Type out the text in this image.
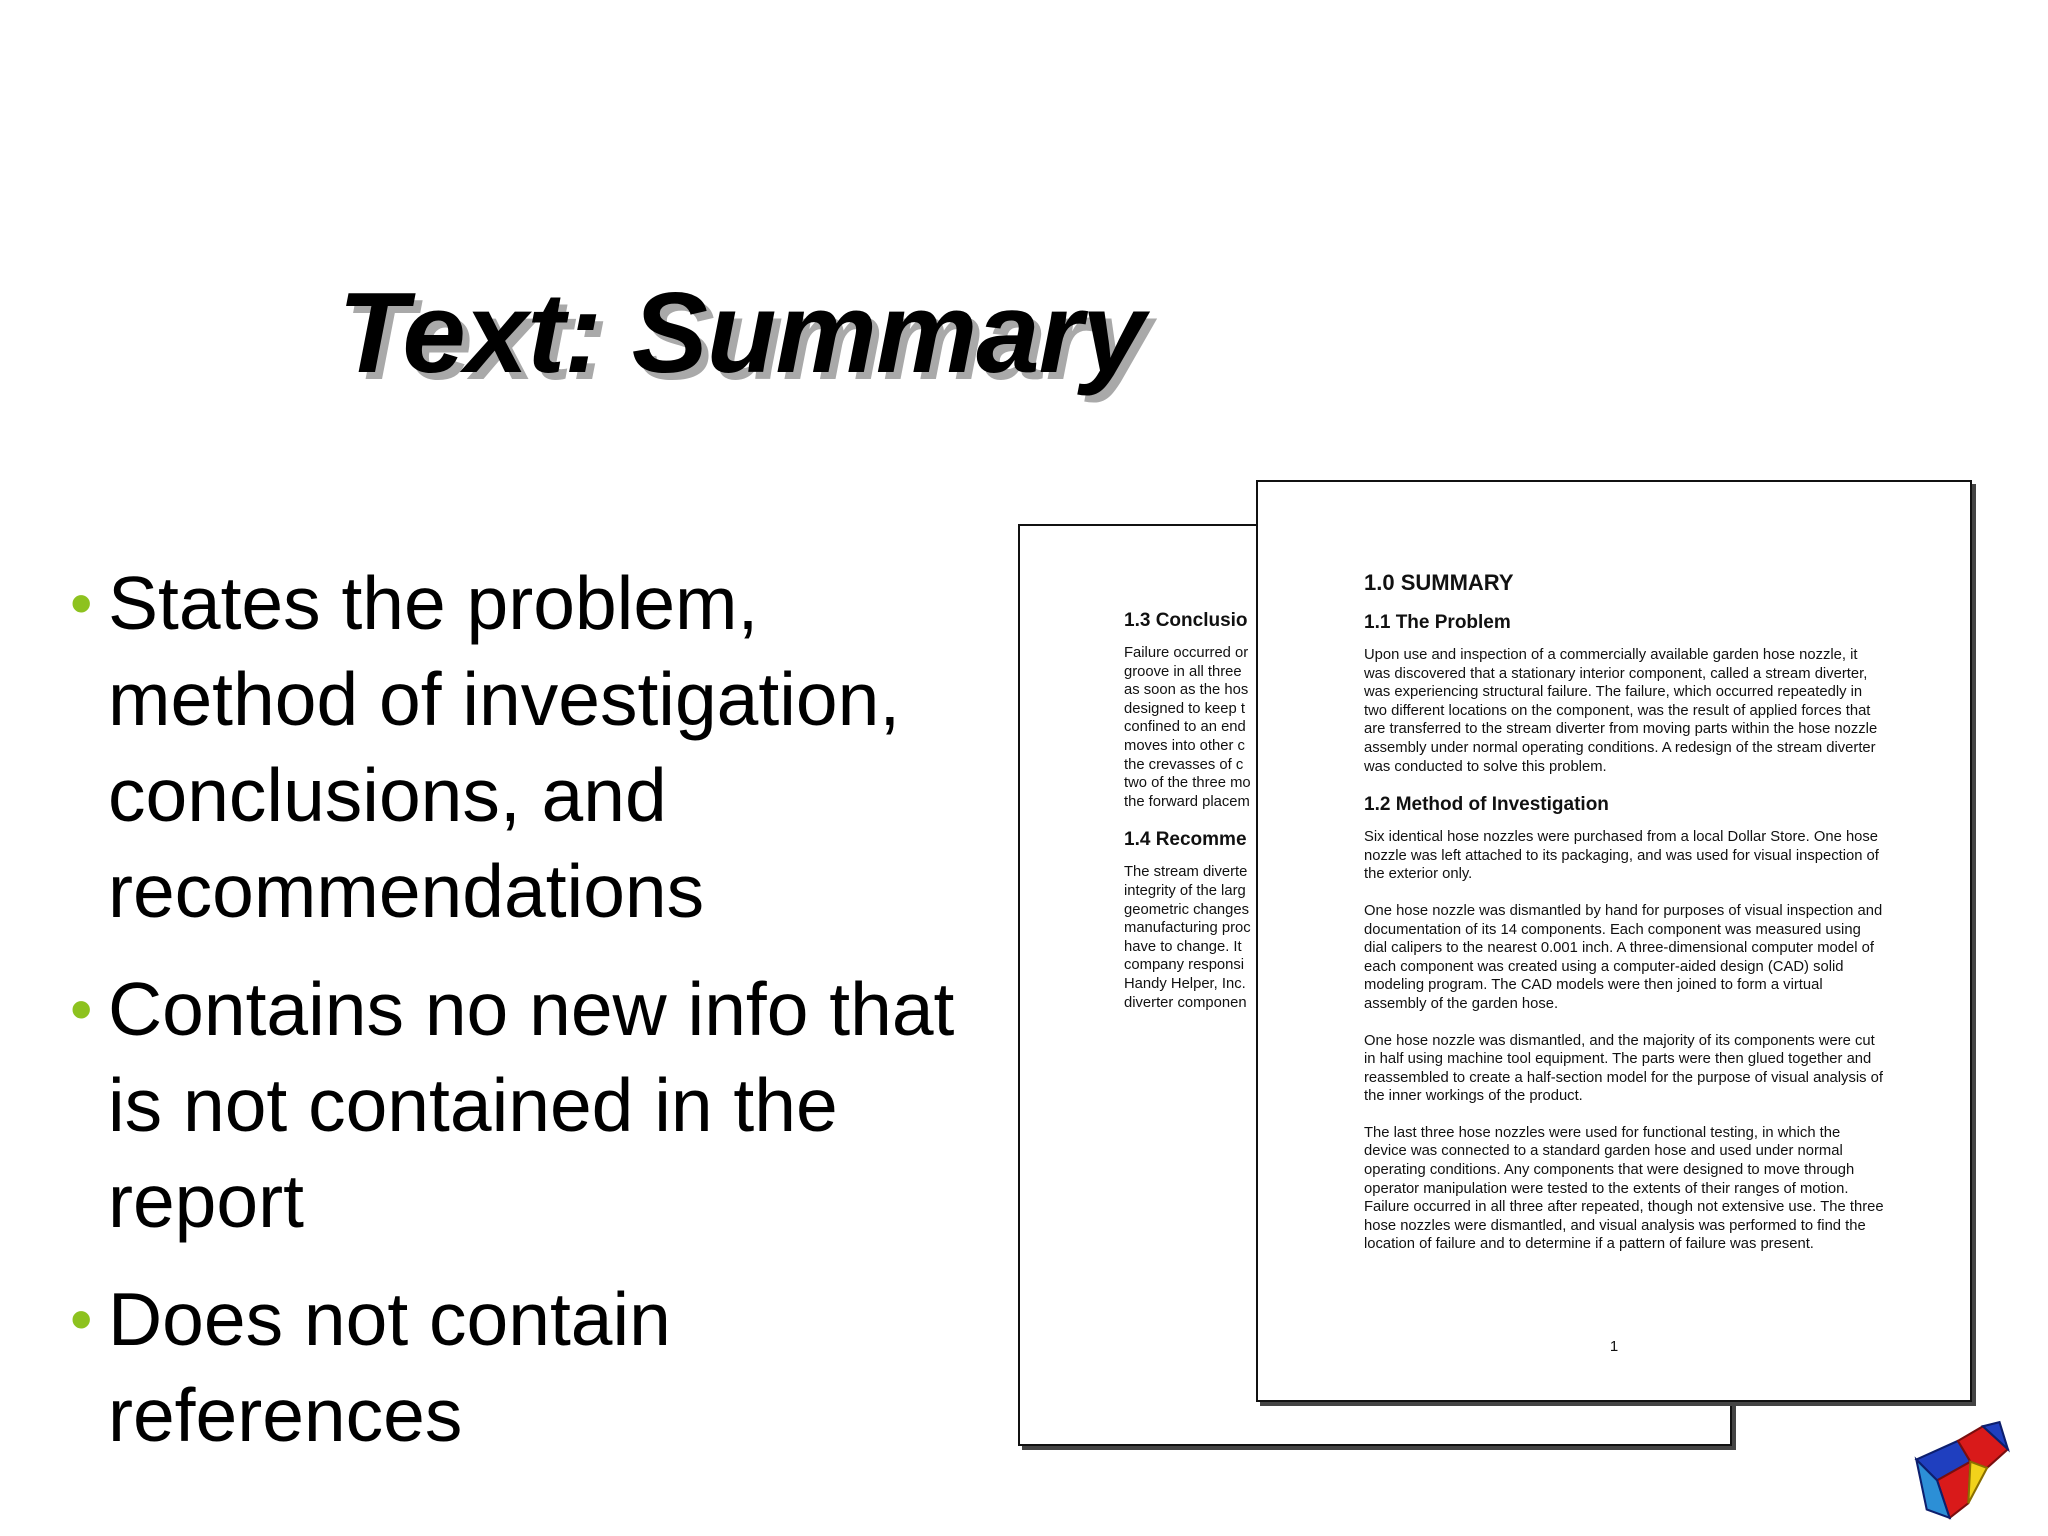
Text: Summary
• States the problem, method of investigation, conclusions, and recommendations
• Contains no new info that is not contained in the report
• Does not contain references
1.3 Conclusio

Failure occurred or groove in all three as soon as the hos designed to keep t confined to an end moves into other c the crevasses of c two of the three mo the forward placem

1.4 Recomme

The stream diverte integrity of the larg geometric changes manufacturing proc have to change. It company responsi Handy Helper, Inc. diverter componen

1.0 SUMMARY
1.1 The Problem

Upon use and inspection of a commercially available garden hose nozzle, it was discovered that a stationary interior component, called a stream diverter, was experiencing structural failure. The failure, which occurred repeatedly in two different locations on the component, was the result of applied forces that are transferred to the stream diverter from moving parts within the hose nozzle assembly under normal operating conditions. A redesign of the stream diverter was conducted to solve this problem.

1.2 Method of Investigation

Six identical hose nozzles were purchased from a local Dollar Store. One hose nozzle was left attached to its packaging, and was used for visual inspection of the exterior only.

One hose nozzle was dismantled by hand for purposes of visual inspection and documentation of its 14 components. Each component was measured using dial calipers to the nearest 0.001 inch. A three-dimensional computer model of each component was created using a computer-aided design (CAD) solid modeling program. The CAD models were then joined to form a virtual assembly of the garden hose.

One hose nozzle was dismantled, and the majority of its components were cut in half using machine tool equipment. The parts were then glued together and reassembled to create a half-section model for the purpose of visual analysis of the inner workings of the product.

The last three hose nozzles were used for functional testing, in which the device was connected to a standard garden hose and used under normal operating conditions. Any components that were designed to move through operator manipulation were tested to the extents of their ranges of motion. Failure occurred in all three after repeated, though not extensive use. The three hose nozzles were dismantled, and visual analysis was performed to find the location of failure and to determine if a pattern of failure was present.

1
